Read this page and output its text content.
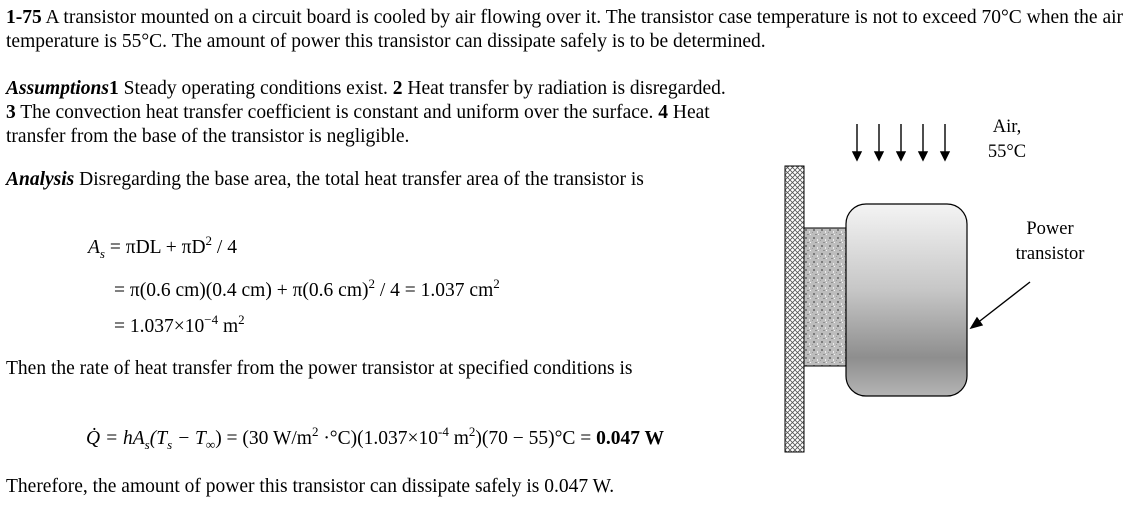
1-75 A transistor mounted on a circuit board is cooled by air flowing over it. The transistor case temperature is not to exceed 70°C when the air temperature is 55°C. The amount of power this transistor can dissipate safely is to be determined.

Assumptions1 Steady operating conditions exist. 2 Heat transfer by radiation is disregarded. 3 The convection heat transfer coefficient is constant and uniform over the surface. 4 Heat transfer from the base of the transistor is negligible.

Analysis Disregarding the base area, the total heat transfer area of the transistor is

$A_s = \pi DL + \pi D^2 / 4$
= π(0.6 cm)(0.4 cm) + π(0.6 cm)$^2$ / 4 = 1.037 $cm^2$
= $1.037\times 10^{-4}$ $m^2$

Then the rate of heat transfer from the power transistor at specified conditions is

Q̇ = $hA_s(T_s - T_\infty) = (30$ $W/m^2 \cdot^\circ C)(1.037\times 10^{-4}$ $m^2)(70 - 55)^\circ C = 0.047$ W

Therefore, the amount of power this transistor can dissipate safely is 0.047 W.

Air,
55°C
Power
transistor
